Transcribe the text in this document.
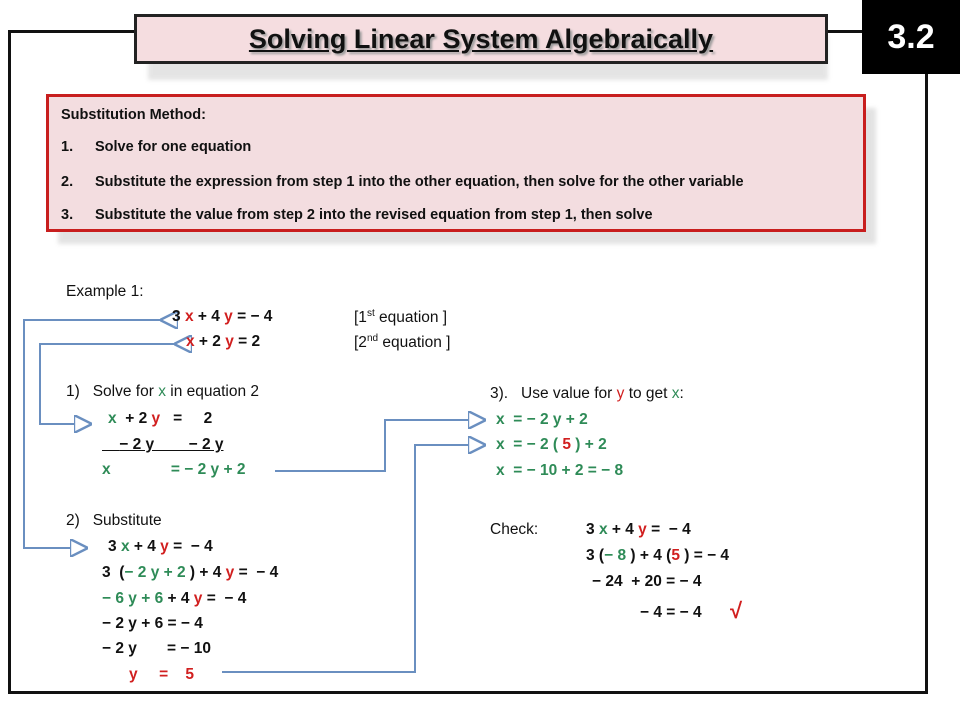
Solving Linear System Algebraically	3.2
Substitution Method:
1. Solve for one equation
2. Substitute the expression from step 1 into the other equation, then solve for the other variable
3. Substitute the value from step 2 into the revised equation from step 1, then solve
Example 1:
3 x + 4 y = − 4	[1st equation ]
x + 2 y = 2	[2nd equation ]
1)   Solve for x in equation 2
x  + 2 y   =     2
− 2 y        − 2 y
x              = − 2 y + 2
2)   Substitute
3 x + 4 y =  − 4
3  (− 2 y + 2 ) + 4 y =  − 4
− 6 y + 6 + 4 y =  − 4
− 2 y + 6 = − 4
− 2 y       = − 10
y     =    5
3).   Use value for y to get x:
x  = − 2 y + 2
x  = − 2 ( 5 ) + 2
x  = − 10 + 2 = − 8
Check:	3 x + 4 y =  − 4
3 (− 8 ) + 4 (5 ) = − 4
− 24  + 20 = − 4
− 4 = − 4 √
